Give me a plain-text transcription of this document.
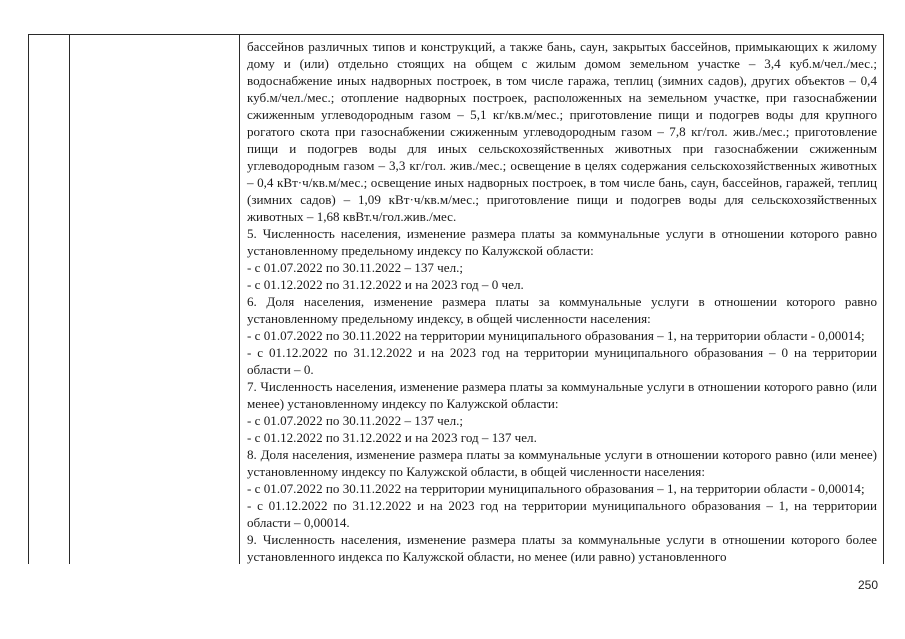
бассейнов различных типов и конструкций, а также бань, саун, закрытых бассейнов, примыкающих к жилому дому и (или) отдельно стоящих на общем с жилым домом земельном участке – 3,4 куб.м/чел./мес.; водоснабжение иных надворных построек, в том числе гаража, теплиц (зимних садов), других объектов – 0,4 куб.м/чел./мес.; отопление надворных построек, расположенных на земельном участке, при газоснабжении сжиженным углеводородным газом – 5,1 кг/кв.м/мес.; приготовление пищи и подогрев воды для крупного рогатого скота при газоснабжении сжиженным углеводородным газом – 7,8 кг/гол. жив./мес.; приготовление пищи и подогрев воды для иных сельскохозяйственных животных при газоснабжении сжиженным углеводородным газом – 3,3 кг/гол. жив./мес.; освещение в целях содержания сельскохозяйственных животных – 0,4 кВт·ч/кв.м/мес.; освещение иных надворных построек, в том числе бань, саун, бассейнов, гаражей, теплиц (зимних садов) – 1,09 кВт·ч/кв.м/мес.; приготовление пищи и подогрев воды для сельскохозяйственных животных – 1,68 квВт.ч/гол.жив./мес.

5. Численность населения, изменение размера платы за коммунальные услуги в отношении которого равно установленному предельному индексу по Калужской области:

- с 01.07.2022 по 30.11.2022 – 137 чел.;

- с 01.12.2022 по 31.12.2022 и на 2023 год – 0 чел.

6. Доля населения, изменение размера платы за коммунальные услуги в отношении которого равно установленному предельному индексу, в общей численности населения:

- с 01.07.2022 по 30.11.2022 на территории муниципального образования – 1, на территории области - 0,00014;

- с 01.12.2022 по 31.12.2022 и на 2023 год на территории муниципального образования – 0 на территории области – 0.

7. Численность населения, изменение размера платы за коммунальные услуги в отношении которого равно (или менее) установленному индексу по Калужской области:

- с 01.07.2022 по 30.11.2022 – 137 чел.;

- с 01.12.2022 по 31.12.2022 и на 2023 год – 137 чел.

8. Доля населения, изменение размера платы за коммунальные услуги в отношении которого равно (или менее) установленному индексу по Калужской области, в общей численности населения:

- с 01.07.2022 по 30.11.2022 на территории муниципального образования – 1, на территории области - 0,00014;

- с 01.12.2022 по 31.12.2022 и на 2023 год на территории муниципального образования – 1, на территории области – 0,00014.

9. Численность населения, изменение размера платы за коммунальные услуги в отношении которого более установленного индекса по Калужской области, но менее (или равно) установленного

250
